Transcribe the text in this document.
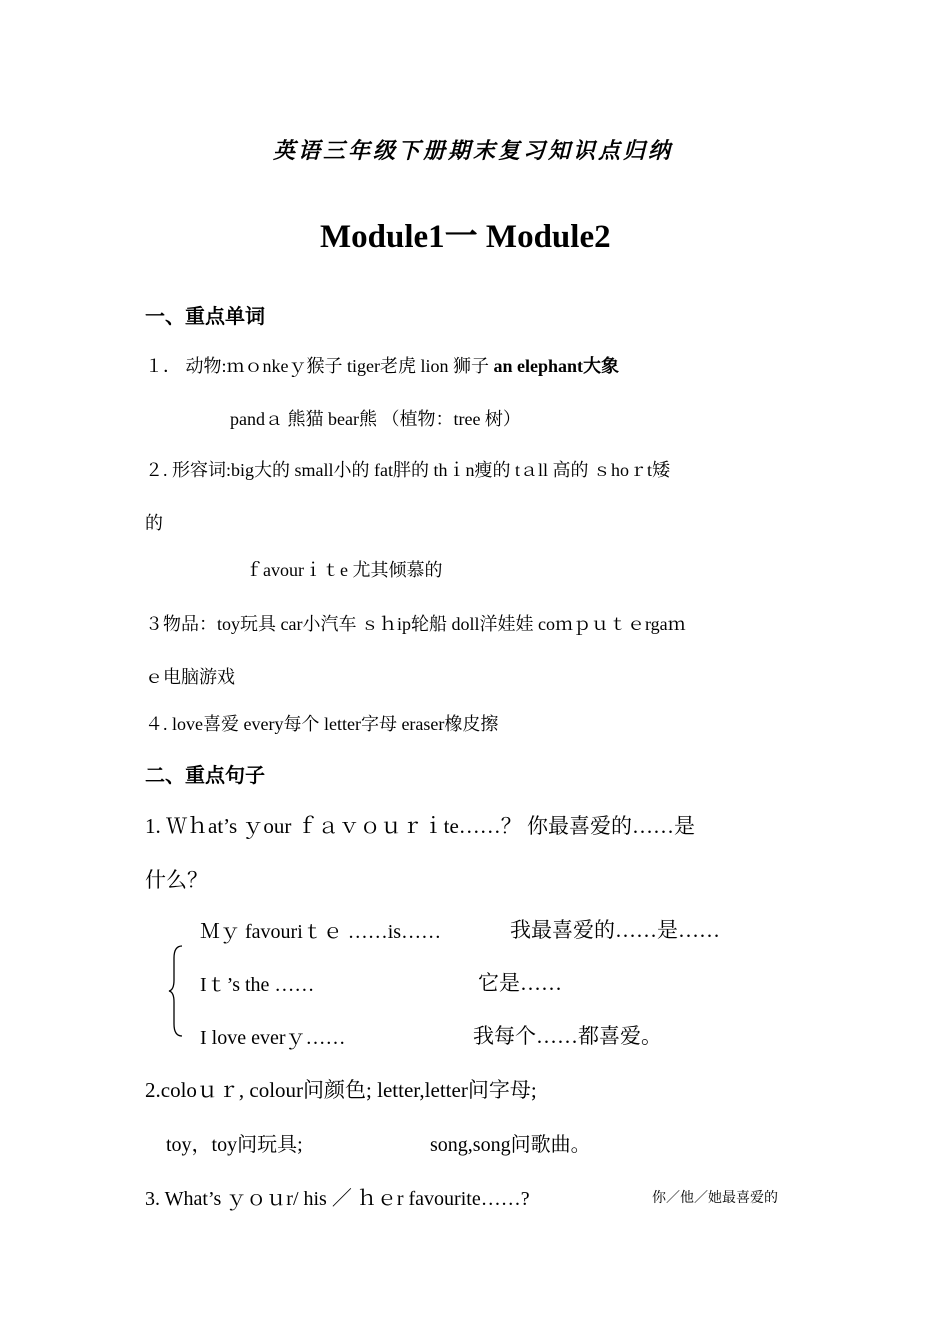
英语三年级下册期末复习知识点归纳
Module1一 Module2
一、重点单词
１． 动物:ｍｏnkeｙ猴子 tiger老虎 lion 狮子 an elephant大象
pandａ 熊猫 bear熊 （植物：tree 树）
２. 形容词:big大的 small小的 fat胖的 thｉn瘦的 tａll 高的 ｓhoｒt矮
的
ｆavourｉｔe 尤其倾慕的
３物品：toy玩具 car小汽车 ｓｈip轮船 doll洋娃娃 coｍｐｕｔｅrgaｍ
ｅ电脑游戏
４. love喜爱 every每个 letter字母 eraser橡皮擦
二、重点句子
1. Ｗｈat’s ｙour ｆａｖｏｕｒｉte……？ 你最喜爱的……是
什么？
Ｍｙ favouriｔｅ ……is……	我最喜爱的……是……
Iｔ’s the ……	它是……
I love everｙ……	我每个……都喜爱。
2.coloｕｒ, colour问颜色; letter,letter问字母;
toy，toy问玩具;	song,song问歌曲。
3. What’s ｙｏｕr/ his ／ ｈｅr favourite……?	你／他／她最喜爱的
